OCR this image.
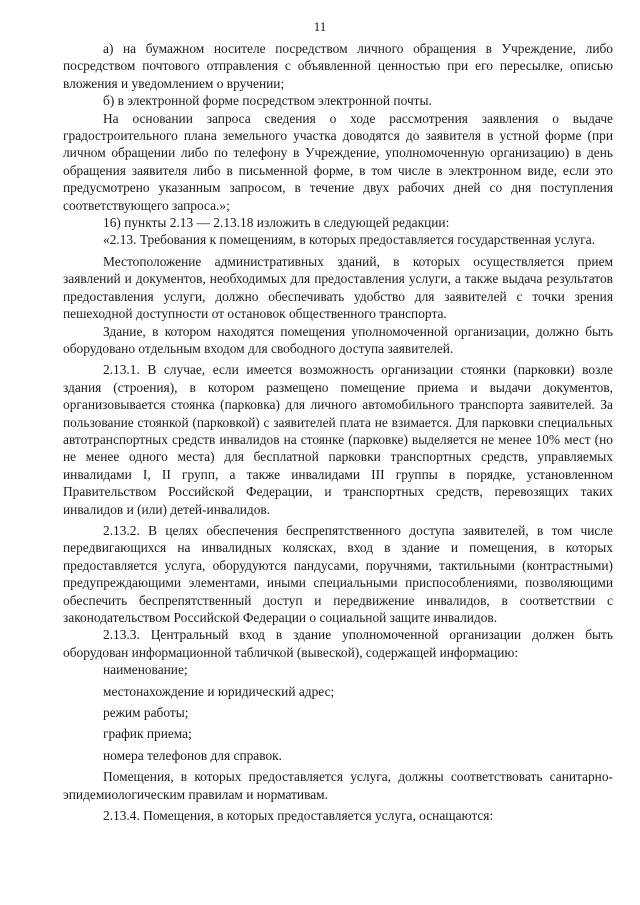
11

а) на бумажном носителе посредством личного обращения в Учреждение, либо посредством почтового отправления с объявленной ценностью при его пересылке, описью вложения и уведомлением о вручении;

б) в электронной форме посредством электронной почты.

На основании запроса сведения о ходе рассмотрения заявления о выдаче градостроительного плана земельного участка доводятся до заявителя в устной форме (при личном обращении либо по телефону в Учреждение, уполномоченную организацию) в день обращения заявителя либо в письменной форме, в том числе в электронном виде, если это предусмотрено указанным запросом, в течение двух рабочих дней со дня поступления соответствующего запроса.»;

16) пункты 2.13 — 2.13.18 изложить в следующей редакции:

«2.13. Требования к помещениям, в которых предоставляется государственная услуга.

Местоположение административных зданий, в которых осуществляется прием заявлений и документов, необходимых для предоставления услуги, а также выдача результатов предоставления услуги, должно обеспечивать удобство для заявителей с точки зрения пешеходной доступности от остановок общественного транспорта.

Здание, в котором находятся помещения уполномоченной организации, должно быть оборудовано отдельным входом для свободного доступа заявителей.

2.13.1. В случае, если имеется возможность организации стоянки (парковки) возле здания (строения), в котором размещено помещение приема и выдачи документов, организовывается стоянка (парковка) для личного автомобильного транспорта заявителей. За пользование стоянкой (парковкой) с заявителей плата не взимается. Для парковки специальных автотранспортных средств инвалидов на стоянке (парковке) выделяется не менее 10% мест (но не менее одного места) для бесплатной парковки транспортных средств, управляемых инвалидами I, II групп, а также инвалидами III группы в порядке, установленном Правительством Российской Федерации, и транспортных средств, перевозящих таких инвалидов и (или) детей-инвалидов.

2.13.2. В целях обеспечения беспрепятственного доступа заявителей, в том числе передвигающихся на инвалидных колясках, вход в здание и помещения, в которых предоставляется услуга, оборудуются пандусами, поручнями, тактильными (контрастными) предупреждающими элементами, иными специальными приспособлениями, позволяющими обеспечить беспрепятственный доступ и передвижение инвалидов, в соответствии с законодательством Российской Федерации о социальной защите инвалидов.

2.13.3. Центральный вход в здание уполномоченной организации должен быть оборудован информационной табличкой (вывеской), содержащей информацию:

наименование;

местонахождение и юридический адрес;

режим работы;

график приема;

номера телефонов для справок.

Помещения, в которых предоставляется услуга, должны соответствовать санитарно-эпидемиологическим правилам и нормативам.

2.13.4. Помещения, в которых предоставляется услуга, оснащаются:
